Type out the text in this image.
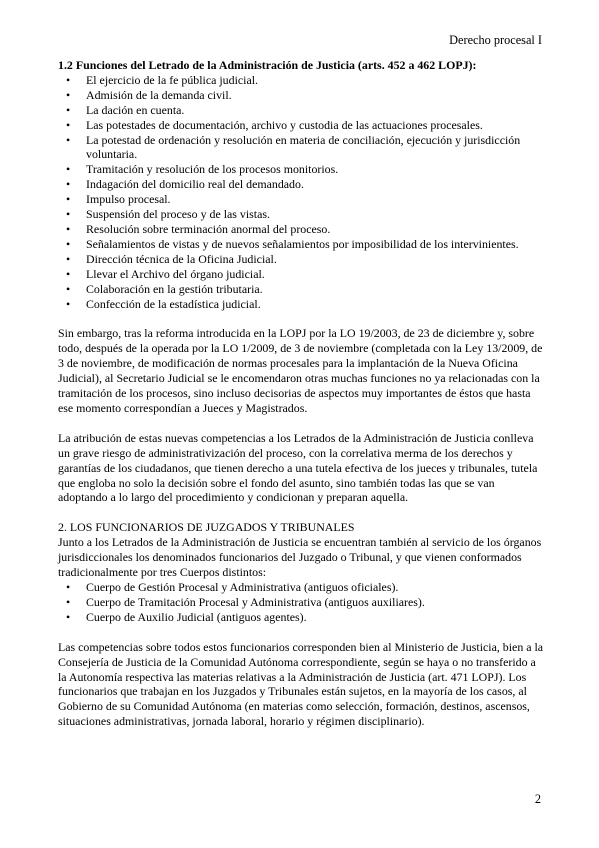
Derecho procesal I

1.2 Funciones del Letrado de la Administración de Justicia (arts. 452 a 462 LOPJ):

• El ejercicio de la fe pública judicial.
• Admisión de la demanda civil.
• La dación en cuenta.
• Las potestades de documentación, archivo y custodia de las actuaciones procesales.
• La potestad de ordenación y resolución en materia de conciliación, ejecución y jurisdicción voluntaria.
• Tramitación y resolución de los procesos monitorios.
• Indagación del domicilio real del demandado.
• Impulso procesal.
• Suspensión del proceso y de las vistas.
• Resolución sobre terminación anormal del proceso.
• Señalamientos de vistas y de nuevos señalamientos por imposibilidad de los intervinientes.
• Dirección técnica de la Oficina Judicial.
• Llevar el Archivo del órgano judicial.
• Colaboración en la gestión tributaria.
• Confección de la estadística judicial.

Sin embargo, tras la reforma introducida en la LOPJ por la LO 19/2003, de 23 de diciembre y, sobre todo, después de la operada por la LO 1/2009, de 3 de noviembre (completada con la Ley 13/2009, de 3 de noviembre, de modificación de normas procesales para la implantación de la Nueva Oficina Judicial), al Secretario Judicial se le encomendaron otras muchas funciones no ya relacionadas con la tramitación de los procesos, sino incluso decisorias de aspectos muy importantes de éstos que hasta ese momento correspondían a Jueces y Magistrados.

La atribución de estas nuevas competencias a los Letrados de la Administración de Justicia conlleva un grave riesgo de administrativización del proceso, con la correlativa merma de los derechos y garantías de los ciudadanos, que tienen derecho a una tutela efectiva de los jueces y tribunales, tutela que engloba no solo la decisión sobre el fondo del asunto, sino también todas las que se van adoptando a lo largo del procedimiento y condicionan y preparan aquella.

2. LOS FUNCIONARIOS DE JUZGADOS Y TRIBUNALES

Junto a los Letrados de la Administración de Justicia se encuentran también al servicio de los órganos jurisdiccionales los denominados funcionarios del Juzgado o Tribunal, y que vienen conformados tradicionalmente por tres Cuerpos distintos:

• Cuerpo de Gestión Procesal y Administrativa (antiguos oficiales).
• Cuerpo de Tramitación Procesal y Administrativa (antiguos auxiliares).
• Cuerpo de Auxilio Judicial (antiguos agentes).

Las competencias sobre todos estos funcionarios corresponden bien al Ministerio de Justicia, bien a la Consejería de Justicia de la Comunidad Autónoma correspondiente, según se haya o no transferido a la Autonomía respectiva las materias relativas a la Administración de Justicia (art. 471 LOPJ). Los funcionarios que trabajan en los Juzgados y Tribunales están sujetos, en la mayoría de los casos, al Gobierno de su Comunidad Autónoma (en materias como selección, formación, destinos, ascensos, situaciones administrativas, jornada laboral, horario y régimen disciplinario).

2
